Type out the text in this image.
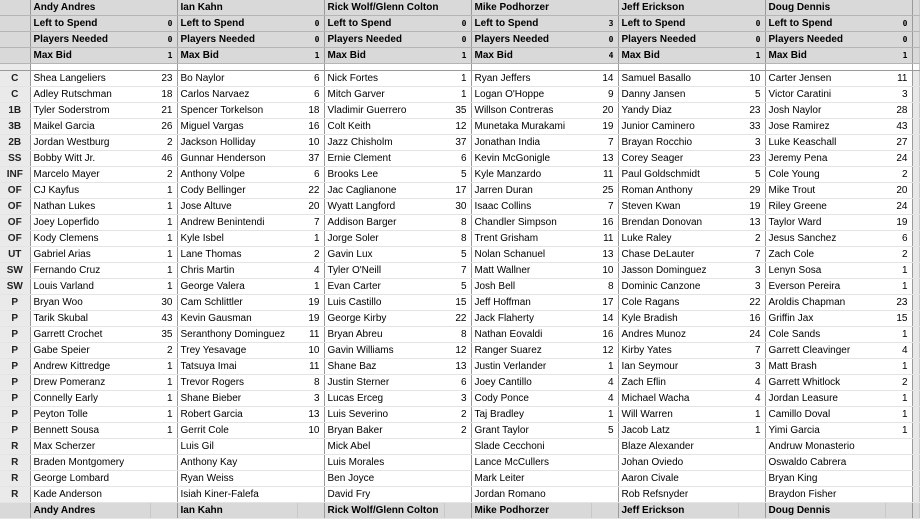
	Andy Andres		Ian Kahn		Rick Wolf/Glenn Colton		Mike Podhorzer		Jeff Erickson		Doug Dennis		
	Left to Spend	0	Left to Spend	0	Left to Spend	0	Left to Spend	3	Left to Spend	0	Left to Spend	0	
	Players Needed	0	Players Needed	0	Players Needed	0	Players Needed	0	Players Needed	0	Players Needed	0	
	Max Bid	1	Max Bid	1	Max Bid	1	Max Bid	4	Max Bid	1	Max Bid	1	

C	Shea Langeliers	23	Bo Naylor	6	Nick Fortes	1	Ryan Jeffers	14	Samuel Basallo	10	Carter Jensen	11	
C	Adley Rutschman	18	Carlos Narvaez	6	Mitch Garver	1	Logan O'Hoppe	9	Danny Jansen	5	Victor Caratini	3	
1B	Tyler Soderstrom	21	Spencer Torkelson	18	Vladimir Guerrero	35	Willson Contreras	20	Yandy Diaz	23	Josh Naylor	28	
3B	Maikel Garcia	26	Miguel Vargas	16	Colt Keith	12	Munetaka Murakami	19	Junior Caminero	33	Jose Ramirez	43	
2B	Jordan Westburg	2	Jackson Holliday	10	Jazz Chisholm	37	Jonathan India	7	Brayan Rocchio	3	Luke Keaschall	27	
SS	Bobby Witt Jr.	46	Gunnar Henderson	37	Ernie Clement	6	Kevin McGonigle	13	Corey Seager	23	Jeremy Pena	24	
INF	Marcelo Mayer	2	Anthony Volpe	6	Brooks Lee	5	Kyle Manzardo	11	Paul Goldschmidt	5	Cole Young	2	
OF	CJ Kayfus	1	Cody Bellinger	22	Jac Caglianone	17	Jarren Duran	25	Roman Anthony	29	Mike Trout	20	
OF	Nathan Lukes	1	Jose Altuve	20	Wyatt Langford	30	Isaac Collins	7	Steven Kwan	19	Riley Greene	24	
OF	Joey Loperfido	1	Andrew Benintendi	7	Addison Barger	8	Chandler Simpson	16	Brendan Donovan	13	Taylor Ward	19	
OF	Kody Clemens	1	Kyle Isbel	1	Jorge Soler	8	Trent Grisham	11	Luke Raley	2	Jesus Sanchez	6	
UT	Gabriel Arias	1	Lane Thomas	2	Gavin Lux	5	Nolan Schanuel	13	Chase DeLauter	7	Zach Cole	2	
SW	Fernando Cruz	1	Chris Martin	4	Tyler O'Neill	7	Matt Wallner	10	Jasson Dominguez	3	Lenyn Sosa	1	
SW	Louis Varland	1	George Valera	1	Evan Carter	5	Josh Bell	8	Dominic Canzone	3	Everson Pereira	1	
P	Bryan Woo	30	Cam Schlittler	19	Luis Castillo	15	Jeff Hoffman	17	Cole Ragans	22	Aroldis Chapman	23	
P	Tarik Skubal	43	Kevin Gausman	19	George Kirby	22	Jack Flaherty	14	Kyle Bradish	16	Griffin Jax	15	
P	Garrett Crochet	35	Seranthony Dominguez	11	Bryan Abreu	8	Nathan Eovaldi	16	Andres Munoz	24	Cole Sands	1	
P	Gabe Speier	2	Trey Yesavage	10	Gavin Williams	12	Ranger Suarez	12	Kirby Yates	7	Garrett Cleavinger	4	
P	Andrew Kittredge	1	Tatsuya Imai	11	Shane Baz	13	Justin Verlander	1	Ian Seymour	3	Matt Brash	1	
P	Drew Pomeranz	1	Trevor Rogers	8	Justin Sterner	6	Joey Cantillo	4	Zach Eflin	4	Garrett Whitlock	2	
P	Connelly Early	1	Shane Bieber	3	Lucas Erceg	3	Cody Ponce	4	Michael Wacha	4	Jordan Leasure	1	
P	Peyton Tolle	1	Robert Garcia	13	Luis Severino	2	Taj Bradley	1	Will Warren	1	Camillo Doval	1	
P	Bennett Sousa	1	Gerrit Cole	10	Bryan Baker	2	Grant Taylor	5	Jacob Latz	1	Yimi Garcia	1	
R	Max Scherzer		Luis Gil		Mick Abel		Slade Cecchoni		Blaze Alexander		Andruw Monasterio		
R	Braden Montgomery		Anthony Kay		Luis Morales		Lance McCullers		Johan Oviedo		Oswaldo Cabrera		
R	George Lombard		Ryan Weiss		Ben Joyce		Mark Leiter		Aaron Civale		Bryan King		
R	Kade Anderson		Isiah Kiner-Falefa		David Fry		Jordan Romano		Rob Refsnyder		Braydon Fisher		
	Andy Andres		Ian Kahn		Rick Wolf/Glenn Colton		Mike Podhorzer		Jeff Erickson		Doug Dennis		
